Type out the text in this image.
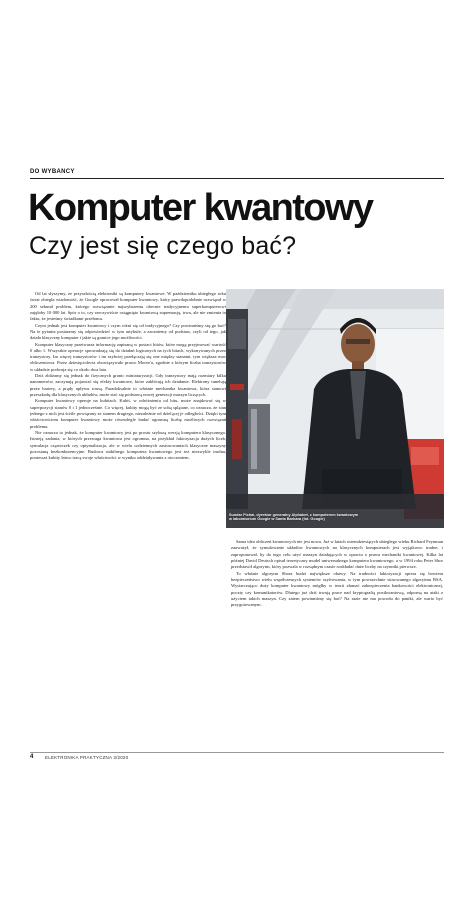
DO WYBANCY
Komputer kwantowy
Czy jest się czego bać?

Od lat słyszymy, że przyszłością elektroniki są komputery kwantowe. W październiku ubiegłego roku świat obiegła wiadomość, że Google opracował komputer kwantowy, który prawdopodobnie rozwiązał w 200 sekund problem, którego rozwiązanie najszybszemu obecnie tradycyjnemu superkomputerowi zajęłoby 10 000 lat. Spór o to, czy rzeczywiście osiągnięto kwantową supremację, trwa, ale nie zmienia to faktu, że jesteśmy świadkami przełomu.

Czym jednak jest komputer kwantowy i czym różni się od tradycyjnego? Czy powinniśmy się go bać? Na te pytania postaramy się odpowiedzieć w tym artykule, a zaczniemy od podstaw, czyli od tego, jak działa klasyczny komputer i jakie są granice jego możliwości.

Komputer klasyczny przetwarza informację zapisaną w postaci bitów, które mogą przyjmować wartość 0 albo 1. Wszystkie operacje sprowadzają się do działań logicznych na tych bitach, wykonywanych przez tranzystory. Im więcej tranzystorów i im szybciej przełączają się one między stanami, tym większa moc obliczeniowa. Przez dziesięciolecia obowiązywało prawo Moore'a, zgodnie z którym liczba tranzystorów w układzie podwaja się co około dwa lata.

Dziś zbliżamy się jednak do fizycznych granic miniaturyzacji. Gdy tranzystory mają rozmiary kilku nanometrów, zaczynają pojawiać się efekty kwantowe, które zakłócają ich działanie. Elektrony tunelują przez bariery, a prądy upływu rosną. Paradoksalnie to właśnie mechanika kwantowa, która stanowi przeszkodę dla klasycznych układów, może stać się podstawą nowej generacji maszyn liczących.

Komputer kwantowy operuje na kubitach. Kubit, w odróżnieniu od bitu, może znajdować się w superpozycji stanów 0 i 1 jednocześnie. Co więcej, kubity mogą być ze sobą splątane, co oznacza, że stan jednego z nich jest ściśle powiązany ze stanem drugiego, niezależnie od dzielącej je odległości. Dzięki tym właściwościom komputer kwantowy może równolegle badać ogromną liczbę możliwych rozwiązań problemu.

Nie oznacza to jednak, że komputer kwantowy jest po prostu szybszą wersją komputera klasycznego. Istnieją zadania, w których przewaga kwantowa jest ogromna, na przykład faktoryzacja dużych liczb, symulacja cząsteczek czy optymalizacja, ale w wielu codziennych zastosowaniach klasyczne maszyny pozostaną bezkonkurencyjne. Budowa stabilnego komputera kwantowego jest też niezwykle trudna, ponieważ kubity łatwo tracą swoje właściwości w wyniku oddziaływania z otoczeniem.

Sundar Pichai, dyrektor generalny Alphabet, z komputerem kwantowym
w laboratorium Google w Santa Barbara (fot. Google)

Sama idea obliczeń kwantowych nie jest nowa. Już w latach osiemdziesiątych ubiegłego wieku Richard Feynman zauważył, że symulowanie układów kwantowych na klasycznych komputerach jest wyjątkowo trudne, i zaproponował, by do tego celu użyć maszyn działających w oparciu o prawa mechaniki kwantowej. Kilka lat później David Deutsch opisał teoretyczny model uniwersalnego komputera kwantowego, a w 1994 roku Peter Shor przedstawił algorytm, który pozwala w rozsądnym czasie rozkładać duże liczby na czynniki pierwsze.

To właśnie algorytm Shora budzi największe obawy. Na trudności faktoryzacji opiera się bowiem bezpieczeństwo wielu współczesnych systemów szyfrowania, w tym powszechnie stosowanego algorytmu RSA. Wystarczająco duży komputer kwantowy mógłby w teorii złamać zabezpieczenia bankowości elektronicznej, poczty czy komunikatorów. Dlatego już dziś trwają prace nad kryptografią postkwantową, odporną na ataki z użyciem takich maszyn. Czy zatem powinniśmy się bać? Na razie nie ma powodu do paniki, ale warto być przygotowanym.

4	ELEKTRONIKA PRAKTYCZNA 3/2020
